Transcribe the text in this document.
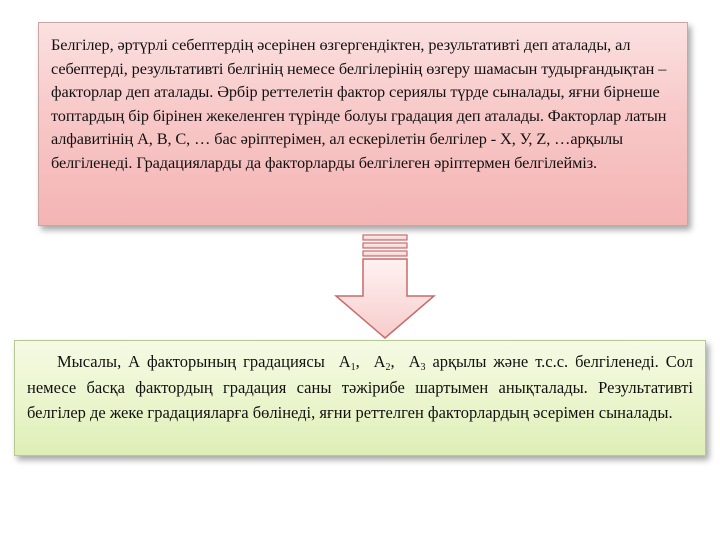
Белгілер, әртүрлі себептердің әсерінен өзгергендіктен, результативті деп аталады, ал себептерді, результативті белгінің немесе белгілерінің өзгеру шамасын тудырғандықтан – факторлар деп аталады. Әрбір реттелетін фактор сериялы түрде сыналады, яғни бірнеше топтардың бір бірінен жекеленген түрінде болуы градация деп аталады. Факторлар латын алфавитінің А, В, С, … бас әріптерімен, ал ескерілетін белгілер - Х, У, Z, …арқылы белгіленеді. Градацияларды да факторларды белгілеген әріптермен белгілейміз.

Мысалы, А факторының градациясы $А_1$,  $А_2$,  $А_3$ арқылы және т.с.с. белгіленеді. Сол немесе басқа фактордың градация саны тәжірибе шартымен анықталады. Результативті белгілер де жеке градацияларға бөлінеді, яғни реттелген факторлардың әсерімен сыналады.
